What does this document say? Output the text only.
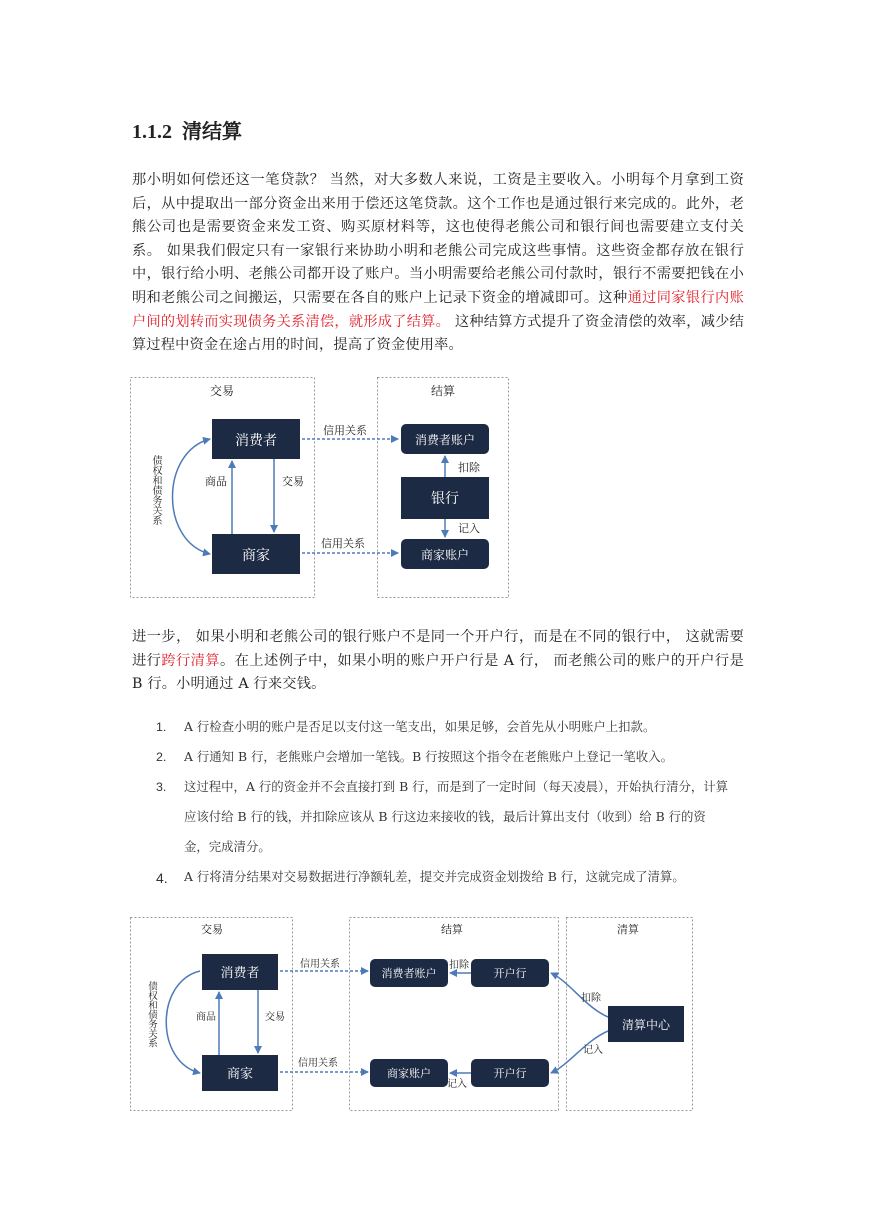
1.1.2 清结算
那小明如何偿还这一笔贷款？ 当然，对大多数人来说，工资是主要收入。小明每个月拿到工资后，从中提取出一部分资金出来用于偿还这笔贷款。这个工作也是通过银行来完成的。此外，老熊公司也是需要资金来发工资、购买原材料等，这也使得老熊公司和银行间也需要建立支付关系。 如果我们假定只有一家银行来协助小明和老熊公司完成这些事情。这些资金都存放在银行中，银行给小明、老熊公司都开设了账户。当小明需要给老熊公司付款时，银行不需要把钱在小明和老熊公司之间搬运，只需要在各自的账户上记录下资金的增减即可。这种通过同家银行内账户间的划转而实现债务关系清偿，就形成了结算。 这种结算方式提升了资金清偿的效率，减少结算过程中资金在途占用的时间，提高了资金使用率。
交易	结算
消费者
商家
商品	交易
债权和债务关系
信用关系
信用关系
消费者账户
银行
商家账户
扣除
记入
进一步， 如果小明和老熊公司的银行账户不是同一个开户行，而是在不同的银行中， 这就需要进行跨行清算。在上述例子中，如果小明的账户开户行是 A 行， 而老熊公司的账户的开户行是 B 行。小明通过 A 行来交钱。
1. A 行检查小明的账户是否足以支付这一笔支出，如果足够，会首先从小明账户上扣款。
2. A 行通知 B 行，老熊账户会增加一笔钱。B 行按照这个指令在老熊账户上登记一笔收入。
3. 这过程中，A 行的资金并不会直接打到 B 行，而是到了一定时间（每天凌晨），开始执行清分，计算应该付给 B 行的钱，并扣除应该从 B 行这边来接收的钱，最后计算出支付（收到）给 B 行的资金，完成清分。
4. A 行将清分结果对交易数据进行净额轧差，提交并完成资金划拨给 B 行，这就完成了清算。
交易	结算	清算
消费者
商家
商品	交易
债权和债务关系
信用关系
信用关系
消费者账户
商家账户
开户行
开户行
扣除
记入
清算中心
扣除
记入
